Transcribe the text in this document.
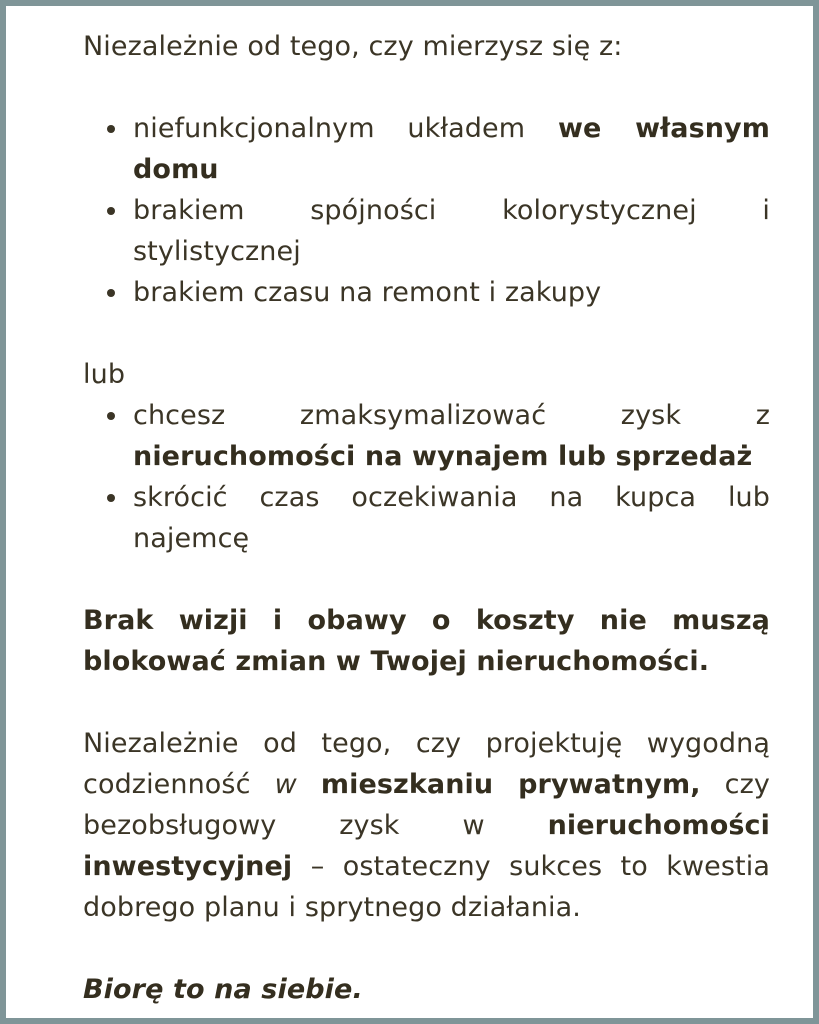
Niezależnie od tego, czy mierzysz się z:

niefunkcjonalnym układem we własnym domu
brakiem spójności kolorystycznej i stylistycznej
brakiem czasu na remont i zakupy

lub

chcesz zmaksymalizować zysk z nieruchomości na wynajem lub sprzedaż
skrócić czas oczekiwania na kupca lub najemcę

Brak wizji i obawy o koszty nie muszą blokować zmian w Twojej nieruchomości.

Niezależnie od tego, czy projektuję wygodną codzienność w mieszkaniu prywatnym, czy bezobsługowy zysk w nieruchomości inwestycyjnej – ostateczny sukces to kwestia dobrego planu i sprytnego działania.

Biorę to na siebie.
